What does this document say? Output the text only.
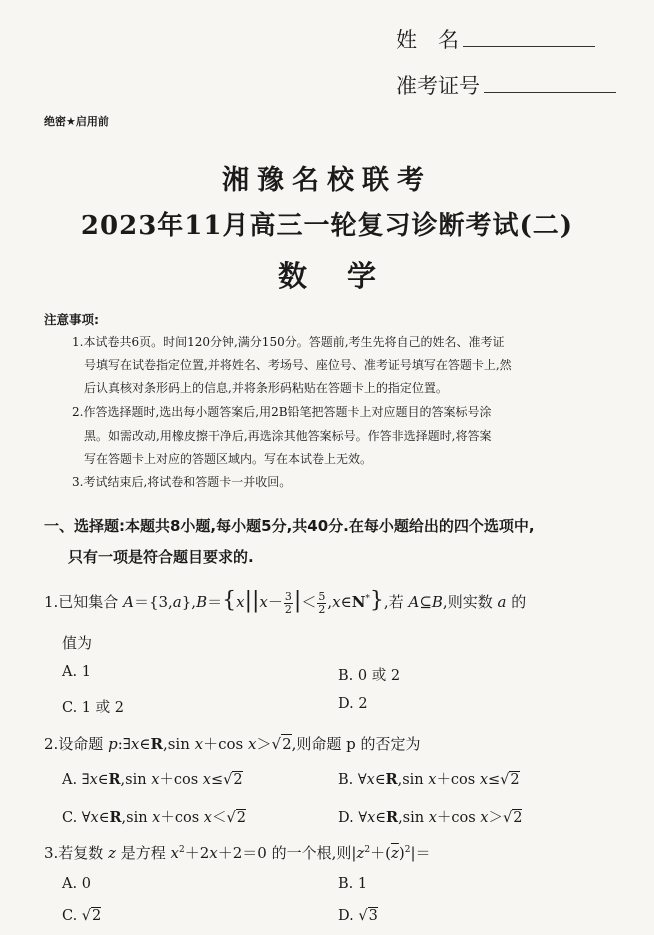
姓　名
准考证号
绝密★启用前
湘豫名校联考
2023年11月高三一轮复习诊断考试(二)
数学
注意事项:
1.本试卷共6页。时间120分钟,满分150分。答题前,考生先将自己的姓名、准考证
号填写在试卷指定位置,并将姓名、考场号、座位号、准考证号填写在答题卡上,然
后认真核对条形码上的信息,并将条形码粘贴在答题卡上的指定位置。
2.作答选择题时,选出每小题答案后,用2B铅笔把答题卡上对应题目的答案标号涂
黑。如需改动,用橡皮擦干净后,再选涂其他答案标号。作答非选择题时,将答案
写在答题卡上对应的答题区域内。写在本试卷上无效。
3.考试结束后,将试卷和答题卡一并收回。
一、选择题:本题共8小题,每小题5分,共40分.在每小题给出的四个选项中,
只有一项是符合题目要求的.
1.已知集合 $A=\{3,a\},B=\{x||x- \frac{3}{2}$ |＜ $\frac{5}{2}$ ,x∈N*},若 A⊆B,则实数 a 的
值为
A. 1	B. 0 或 2
C. 1 或 2	D. 2
2.设命题 p:∃x∈R,sin x＋cos x＞√2,则命题 p 的否定为
A. ∃x∈R,sin x＋cos x≤√2	B. ∀x∈R,sin x＋cos x≤√2
C. ∀x∈R,sin x＋cos x＜√2	D. ∀x∈R,sin x＋cos x＞√2
3.若复数 z 是方程 $x^2+2x+2=0$ 的一个根,则$|z^2+(\overline{z})^2|=$
A. 0	B. 1
C. √2	D. √3
